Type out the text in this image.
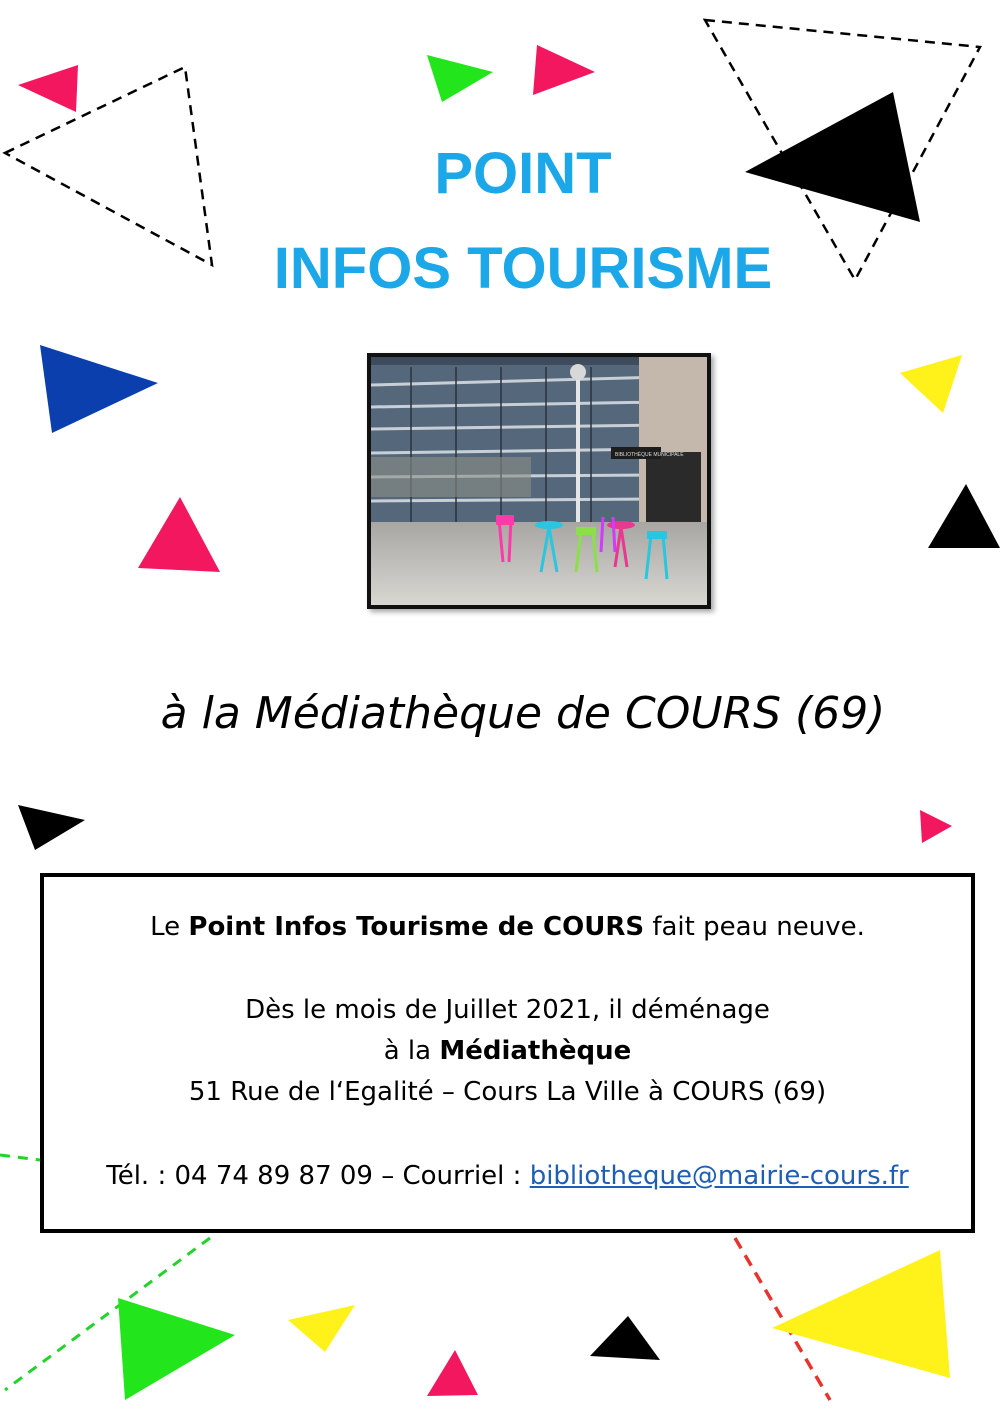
POINT
INFOS TOURISME
BIBLIOTHÈQUE MUNICIPALE

à la Médiathèque de COURS (69)

Le Point Infos Tourisme de COURS fait peau neuve.

Dès le mois de Juillet 2021, il déménage

à la Médiathèque

51 Rue de l‘Egalité – Cours La Ville à COURS (69)

Tél. : 04 74 89 87 09 – Courriel : bibliotheque@mairie-cours.fr
